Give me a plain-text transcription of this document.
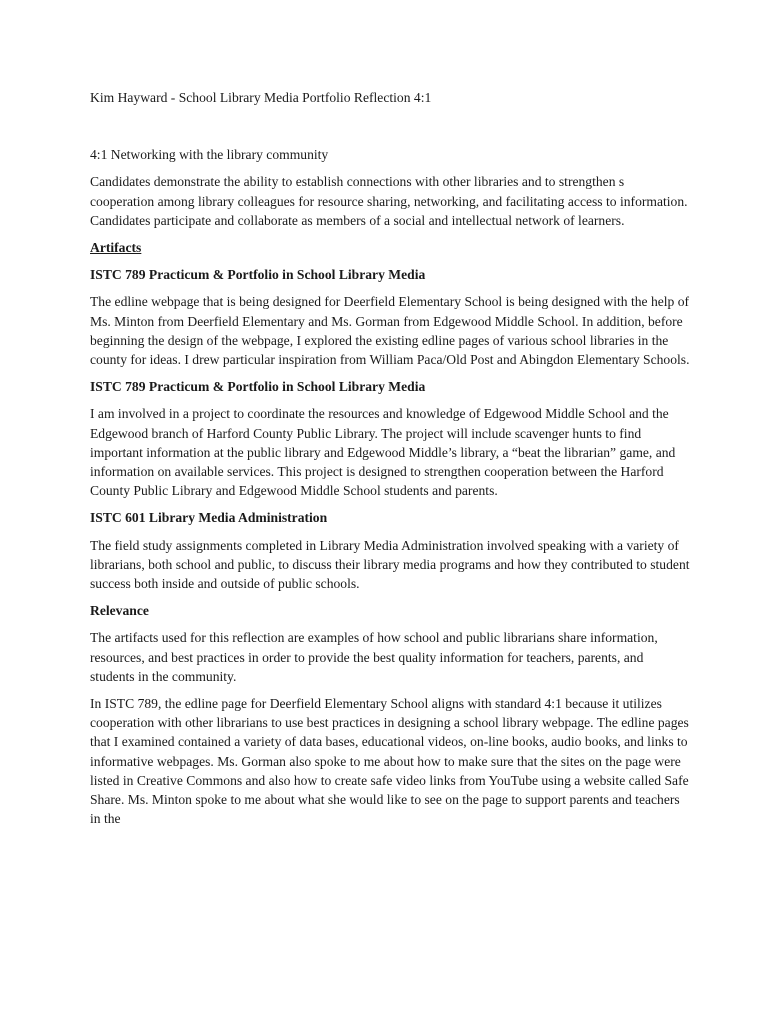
Kim Hayward - School Library Media Portfolio Reflection 4:1

4:1 Networking with the library community

Candidates demonstrate the ability to establish connections with other libraries and to strengthen s cooperation among library colleagues for resource sharing, networking, and facilitating access to information. Candidates participate and collaborate as members of a social and intellectual network of learners.

Artifacts

ISTC 789 Practicum & Portfolio in School Library Media

The edline webpage that is being designed for Deerfield Elementary School is being designed with the help of Ms. Minton from Deerfield Elementary and Ms. Gorman from Edgewood Middle School. In addition, before beginning the design of the webpage, I explored the existing edline pages of various school libraries in the county for ideas. I drew particular inspiration from William Paca/Old Post and Abingdon Elementary Schools.

ISTC 789 Practicum & Portfolio in School Library Media

I am involved in a project to coordinate the resources and knowledge of Edgewood Middle School and the Edgewood branch of Harford County Public Library. The project will include scavenger hunts to find important information at the public library and Edgewood Middle’s library, a “beat the librarian” game, and information on available services. This project is designed to strengthen cooperation between the Harford County Public Library and Edgewood Middle School students and parents.

ISTC 601 Library Media Administration

The field study assignments completed in Library Media Administration involved speaking with a variety of librarians, both school and public, to discuss their library media programs and how they contributed to student success both inside and outside of public schools.

Relevance

The artifacts used for this reflection are examples of how school and public librarians share information, resources, and best practices in order to provide the best quality information for teachers, parents, and students in the community.

In ISTC 789, the edline page for Deerfield Elementary School aligns with standard 4:1 because it utilizes cooperation with other librarians to use best practices in designing a school library webpage. The edline pages that I examined contained a variety of data bases, educational videos, on-line books, audio books, and links to informative webpages. Ms. Gorman also spoke to me about how to make sure that the sites on the page were listed in Creative Commons and also how to create safe video links from YouTube using a website called Safe Share. Ms. Minton spoke to me about what she would like to see on the page to support parents and teachers in the
